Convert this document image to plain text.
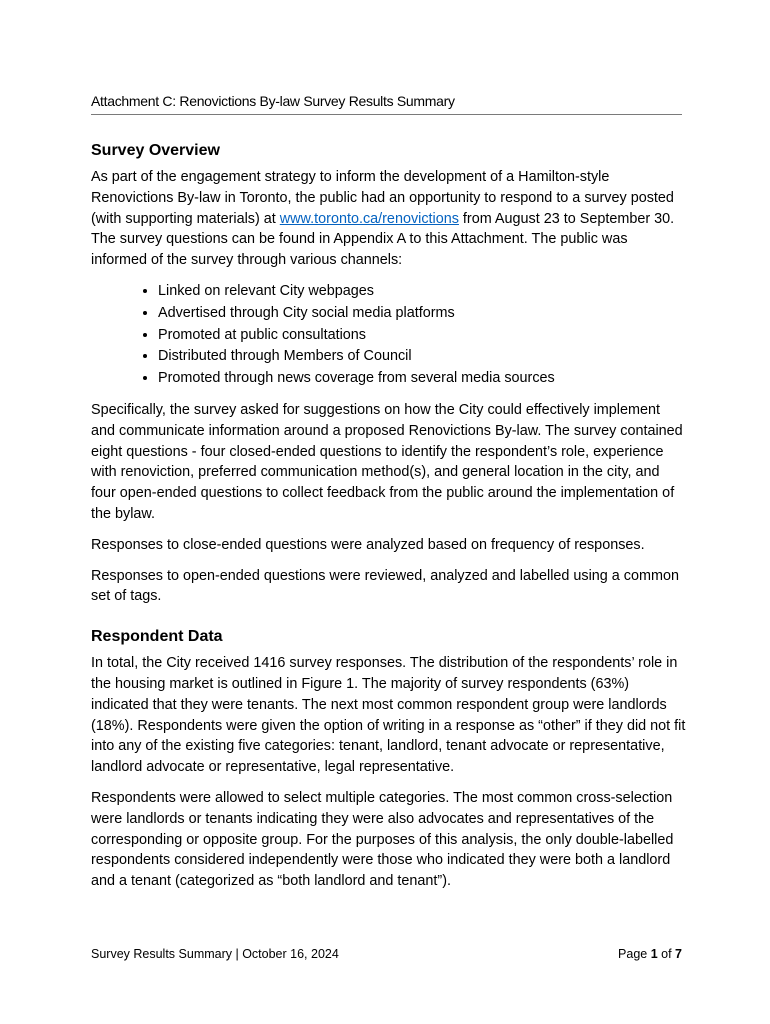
Attachment C: Renovictions By-law Survey Results Summary
Survey Overview

As part of the engagement strategy to inform the development of a Hamilton-style Renovictions By-law in Toronto, the public had an opportunity to respond to a survey posted (with supporting materials) at www.toronto.ca/renovictions from August 23 to September 30. The survey questions can be found in Appendix A to this Attachment. The public was informed of the survey through various channels:

• Linked on relevant City webpages
• Advertised through City social media platforms
• Promoted at public consultations
• Distributed through Members of Council
• Promoted through news coverage from several media sources

Specifically, the survey asked for suggestions on how the City could effectively implement and communicate information around a proposed Renovictions By-law. The survey contained eight questions - four closed-ended questions to identify the respondent’s role, experience with renoviction, preferred communication method(s), and general location in the city, and four open-ended questions to collect feedback from the public around the implementation of the bylaw.

Responses to close-ended questions were analyzed based on frequency of responses.

Responses to open-ended questions were reviewed, analyzed and labelled using a common set of tags.

Respondent Data

In total, the City received 1416 survey responses. The distribution of the respondents’ role in the housing market is outlined in Figure 1. The majority of survey respondents (63%) indicated that they were tenants. The next most common respondent group were landlords (18%). Respondents were given the option of writing in a response as “other” if they did not fit into any of the existing five categories: tenant, landlord, tenant advocate or representative, landlord advocate or representative, legal representative.

Respondents were allowed to select multiple categories. The most common cross-selection were landlords or tenants indicating they were also advocates and representatives of the corresponding or opposite group. For the purposes of this analysis, the only double-labelled respondents considered independently were those who indicated they were both a landlord and a tenant (categorized as “both landlord and tenant”).

Survey Results Summary | October 16, 2024	Page 1 of 7
